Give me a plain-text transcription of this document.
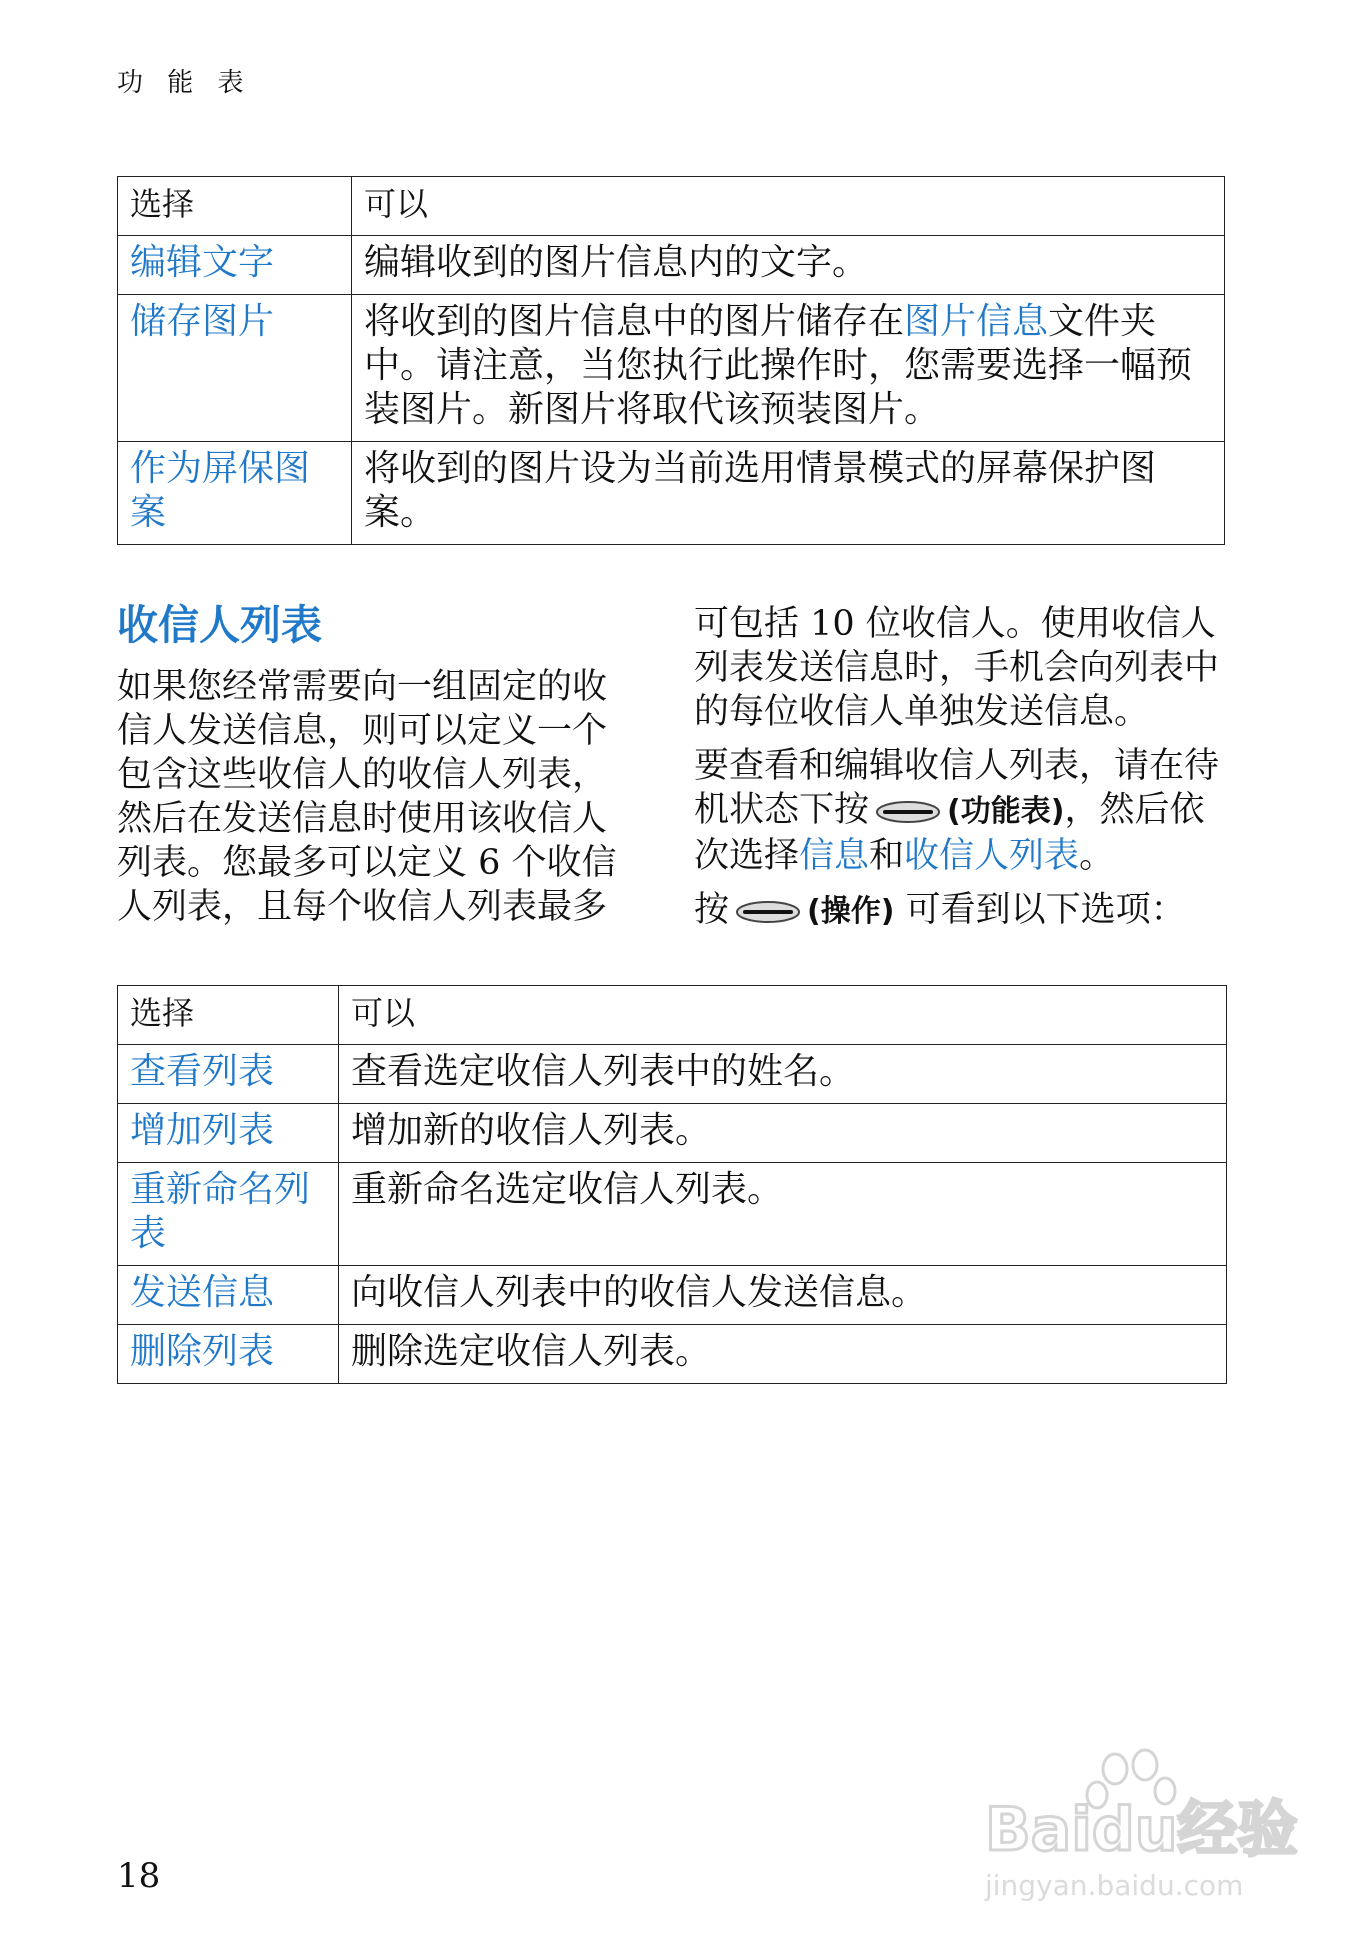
功 能 表
选择	可以
编辑文字	编辑收到的图片信息内的文字。
储存图片	将收到的图片信息中的图片储存在图片信息文件夹中。请注意，当您执行此操作时，您需要选择一幅预装图片。新图片将取代该预装图片。
作为屏保图案	将收到的图片设为当前选用情景模式的屏幕保护图案。
收信人列表

如果您经常需要向一组固定的收信人发送信息，则可以定义一个包含这些收信人的收信人列表，然后在发送信息时使用该收信人列表。您最多可以定义 6 个收信人列表，且每个收信人列表最多

可包括 10 位收信人。使用收信人列表发送信息时，手机会向列表中的每位收信人单独发送信息。

要查看和编辑收信人列表，请在待机状态下按	(功能表)，然后依次选择信息和收信人列表。

按	(操作) 可看到以下选项：

选择	可以
查看列表	查看选定收信人列表中的姓名。
增加列表	增加新的收信人列表。
重新命名列表	重新命名选定收信人列表。
发送信息	向收信人列表中的收信人发送信息。
删除列表	删除选定收信人列表。
18
Baidu经验
jingyan.baidu.com
